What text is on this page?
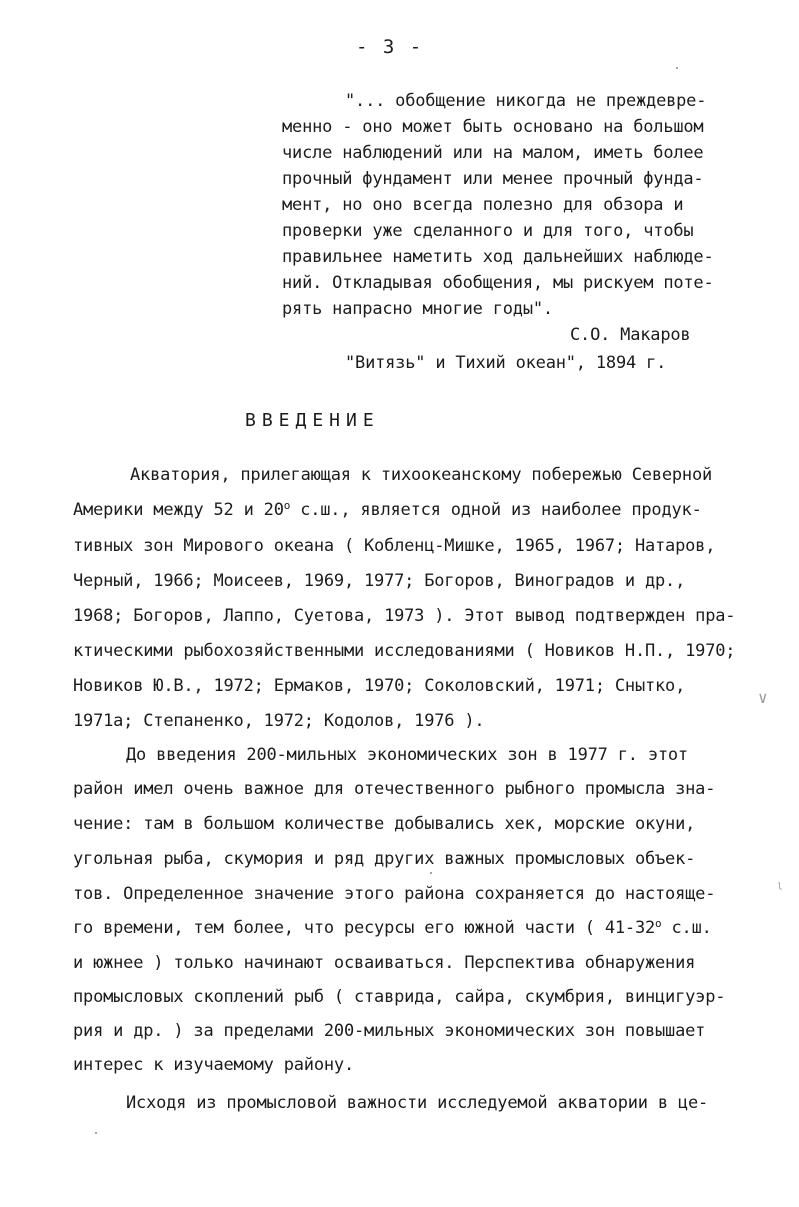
- 3 -
"... обобщение никогда не преждевре-
менно - оно может быть основано на большом
числе наблюдений или на малом, иметь более
прочный фундамент или менее прочный фунда-
мент, но оно всегда полезно для обзора и
проверки уже сделанного и для того, чтобы
правильнее наметить ход дальнейших наблюде-
ний. Откладывая обобщения, мы рискуем поте-
рять напрасно многие годы".
С.О. Макаров
"Витязь" и Тихий океан", 1894 г.
ВВЕДЕНИЕ
Акватория, прилегающая к тихоокеанскому побережью Северной
Америки между 52 и $20^о$ с.ш., является одной из наиболее продук-
тивных зон Мирового океана ( Кобленц-Мишке, 1965, 1967; Натаров,
Черный, 1966; Моисеев, 1969, 1977; Богоров, Виноградов и др.,
1968; Богоров, Лаппо, Суетова, 1973 ). Этот вывод подтвержден пра-
ктическими рыбохозяйственными исследованиями ( Новиков Н.П., 1970;
Новиков Ю.В., 1972; Ермаков, 1970; Соколовский, 1971; Снытко,
1971а; Степаненко, 1972; Кодолов, 1976 ).
До введения 200-мильных экономических зон в 1977 г. этот
район имел очень важное для отечественного рыбного промысла зна-
чение: там в большом количестве добывались хек, морские окуни,
угольная рыба, скумория и ряд других важных промысловых объек-
тов. Определенное значение этого района сохраняется до настояще-
го времени, тем более, что ресурсы его южной части ( $41-32^о$ с.ш.
и южнее ) только начинают осваиваться. Перспектива обнаружения
промысловых скоплений рыб ( ставрида, сайра, скумбрия, винцигуэр-
рия и др. ) за пределами 200-мильных экономических зон повышает
интерес к изучаемому району.
Исходя из промысловой важности исследуемой акватории в це-
∨
ˡ
